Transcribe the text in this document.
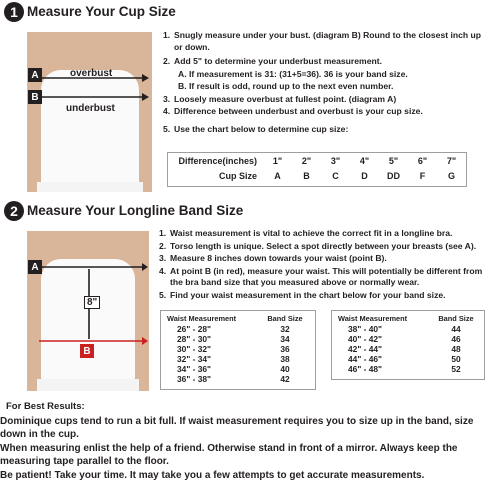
1 Measure Your Cup Size
A
B
overbust
underbust
1. Snugly measure under your bust. (diagram B) Round to the closest inch up or down.
2. Add 5" to determine your underbust measurement.
A. If measurement is 31: (31+5=36). 36 is your band size.
B. If result is odd, round up to the next even number.
3. Loosely measure overbust at fullest point. (diagram A)
4. Difference between underbust and overbust is your cup size.
5. Use the chart below to determine cup size:
Difference(inches)	1"	2"	3"	4"	5"	6"	7"
Cup Size	A	B	C	D	DD	F	G
2 Measure Your Longline Band Size
A
8"
B
1. Waist measurement is vital to achieve the correct fit in a longline bra.
2. Torso length is unique. Select a spot directly between your breasts (see A).
3. Measure 8 inches down towards your waist (point B).
4. At point B (in red), measure your waist. This will potentially be different from the bra band size that you measured above or normally wear.
5. Find your waist measurement in the chart below for your band size.
Waist Measurement	Band Size
26" - 28"	32
28" - 30"	34
30" - 32"	36
32" - 34"	38
34" - 36"	40
36" - 38"	42
Waist Measurement	Band Size
38" - 40"	44
40" - 42"	46
42" - 44"	48
44" - 46"	50
46" - 48"	52
For Best Results:
Dominique cups tend to run a bit full. If waist measurement requires you to size up in the band, size down in the cup.
When measuring enlist the help of a friend. Otherwise stand in front of a mirror. Always keep the measuring tape parallel to the floor.
Be patient! Take your time. It may take you a few attempts to get accurate measurements.
